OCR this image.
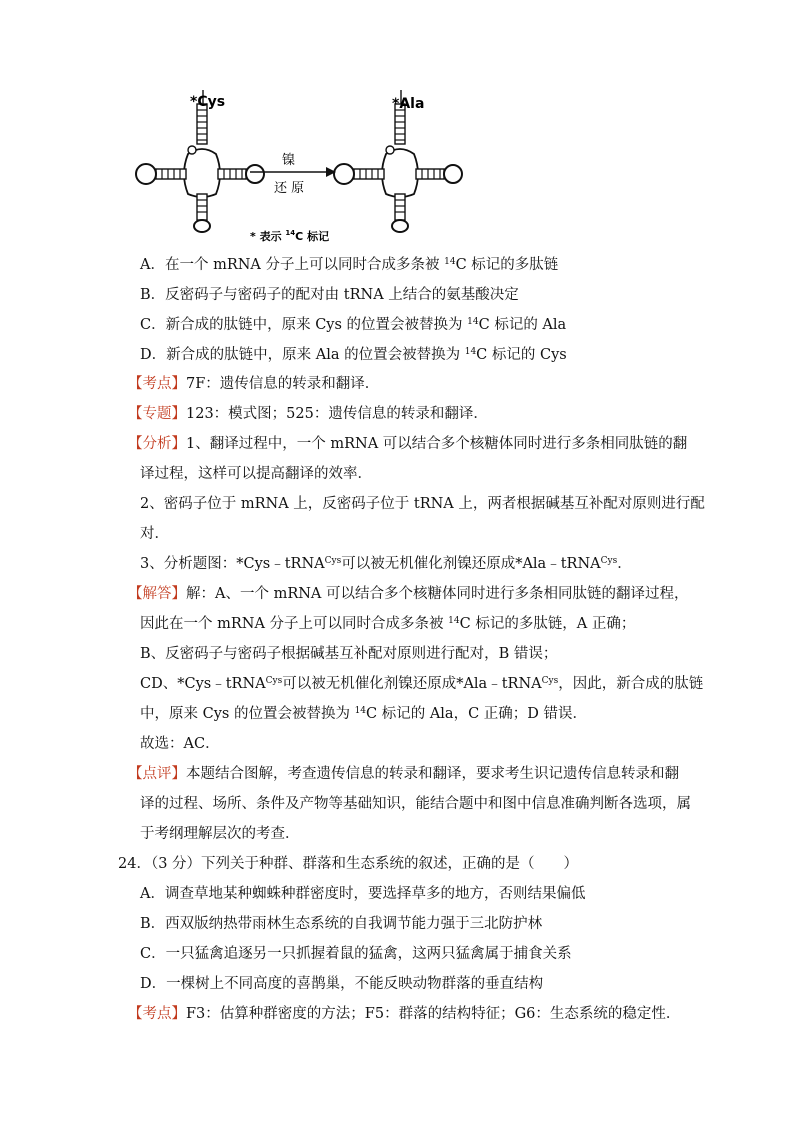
*Cys	*Ala
镍
还 原
* 表示 $^{14}$C 标记
A．在一个 mRNA 分子上可以同时合成多条被 $^{14}$C 标记的多肽链
B．反密码子与密码子的配对由 tRNA 上结合的氨基酸决定
C．新合成的肽链中，原来 Cys 的位置会被替换为 $^{14}$C 标记的 Ala
D．新合成的肽链中，原来 Ala 的位置会被替换为 $^{14}$C 标记的 Cys
【考点】7F：遗传信息的转录和翻译．
【专题】123：模式图；525：遗传信息的转录和翻译．
【分析】1、翻译过程中，一个 mRNA 可以结合多个核糖体同时进行多条相同肽链的翻
译过程，这样可以提高翻译的效率．
2、密码子位于 mRNA 上，反密码子位于 tRNA 上，两者根据碱基互补配对原则进行配
对．
3、分析题图：*Cys﹣tRNA$^{Cys}$可以被无机催化剂镍还原成*Ala﹣tRNA$^{Cys}$．
【解答】解：A、一个 mRNA 可以结合多个核糖体同时进行多条相同肽链的翻译过程，
因此在一个 mRNA 分子上可以同时合成多条被 $^{14}$C 标记的多肽链，A 正确；
B、反密码子与密码子根据碱基互补配对原则进行配对，B 错误；
CD、*Cys﹣tRNA$^{Cys}$可以被无机催化剂镍还原成*Ala﹣tRNA$^{Cys}$，因此，新合成的肽链
中，原来 Cys 的位置会被替换为 $^{14}$C 标记的 Ala，C 正确；D 错误．
故选：AC．
【点评】本题结合图解，考查遗传信息的转录和翻译，要求考生识记遗传信息转录和翻
译的过程、场所、条件及产物等基础知识，能结合题中和图中信息准确判断各选项，属
于考纲理解层次的考查．
24．（3 分）下列关于种群、群落和生态系统的叙述，正确的是（　　）
A．调查草地某种蜘蛛种群密度时，要选择草多的地方，否则结果偏低
B．西双版纳热带雨林生态系统的自我调节能力强于三北防护林
C．一只猛禽追逐另一只抓握着鼠的猛禽，这两只猛禽属于捕食关系
D．一棵树上不同高度的喜鹊巢，不能反映动物群落的垂直结构
【考点】F3：估算种群密度的方法；F5：群落的结构特征；G6：生态系统的稳定性．
